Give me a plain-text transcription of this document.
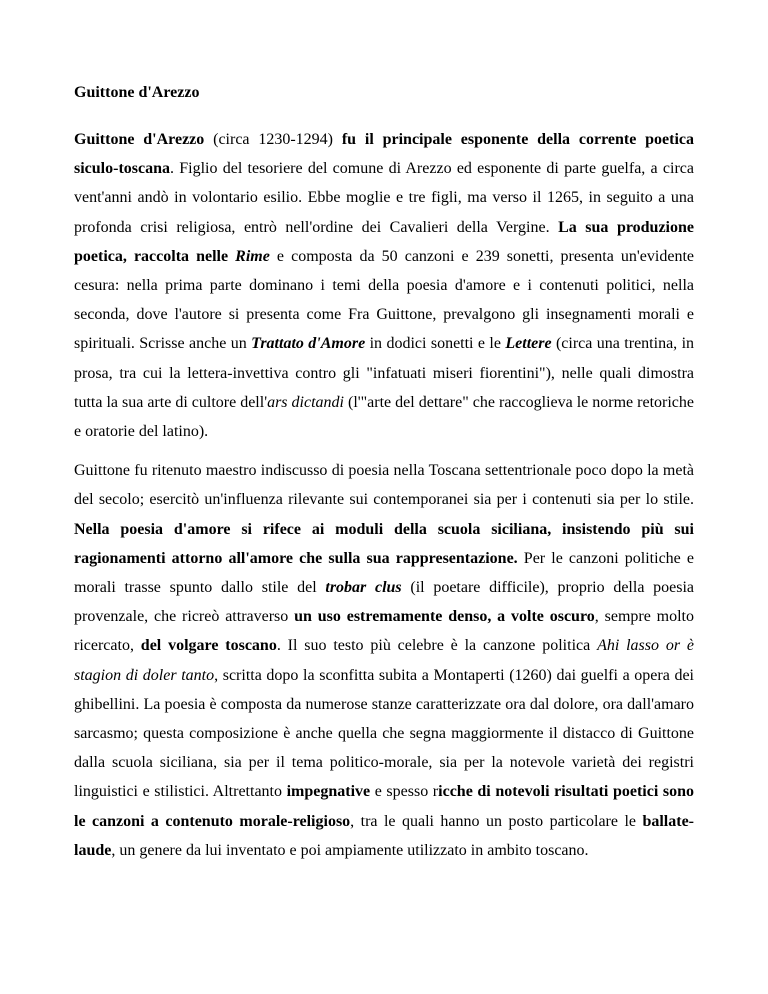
Guittone d'Arezzo

Guittone d'Arezzo (circa 1230-1294) fu il principale esponente della corrente poetica siculo-toscana. Figlio del tesoriere del comune di Arezzo ed esponente di parte guelfa, a circa vent'anni andò in volontario esilio. Ebbe moglie e tre figli, ma verso il 1265, in seguito a una profonda crisi religiosa, entrò nell'ordine dei Cavalieri della Vergine. La sua produzione poetica, raccolta nelle Rime e composta da 50 canzoni e 239 sonetti, presenta un'evidente cesura: nella prima parte dominano i temi della poesia d'amore e i contenuti politici, nella seconda, dove l'autore si presenta come Fra Guittone, prevalgono gli insegnamenti morali e spirituali. Scrisse anche un Trattato d'Amore in dodici sonetti e le Lettere (circa una trentina, in prosa, tra cui la lettera-invettiva contro gli "infatuati miseri fiorentini"), nelle quali dimostra tutta la sua arte di cultore dell'ars dictandi (l'"arte del dettare" che raccoglieva le norme retoriche e oratorie del latino).

Guittone fu ritenuto maestro indiscusso di poesia nella Toscana settentrionale poco dopo la metà del secolo; esercitò un'influenza rilevante sui contemporanei sia per i contenuti sia per lo stile. Nella poesia d'amore si rifece ai moduli della scuola siciliana, insistendo più sui ragionamenti attorno all'amore che sulla sua rappresentazione. Per le canzoni politiche e morali trasse spunto dallo stile del trobar clus (il poetare difficile), proprio della poesia provenzale, che ricreò attraverso un uso estremamente denso, a volte oscuro, sempre molto ricercato, del volgare toscano. Il suo testo più celebre è la canzone politica Ahi lasso or è stagion di doler tanto, scritta dopo la sconfitta subita a Montaperti (1260) dai guelfi a opera dei ghibellini. La poesia è composta da numerose stanze caratterizzate ora dal dolore, ora dall'amaro sarcasmo; questa composizione è anche quella che segna maggiormente il distacco di Guittone dalla scuola siciliana, sia per il tema politico-morale, sia per la notevole varietà dei registri linguistici e stilistici. Altrettanto impegnative e spesso ricche di notevoli risultati poetici sono le canzoni a contenuto morale-religioso, tra le quali hanno un posto particolare le ballate-laude, un genere da lui inventato e poi ampiamente utilizzato in ambito toscano.
